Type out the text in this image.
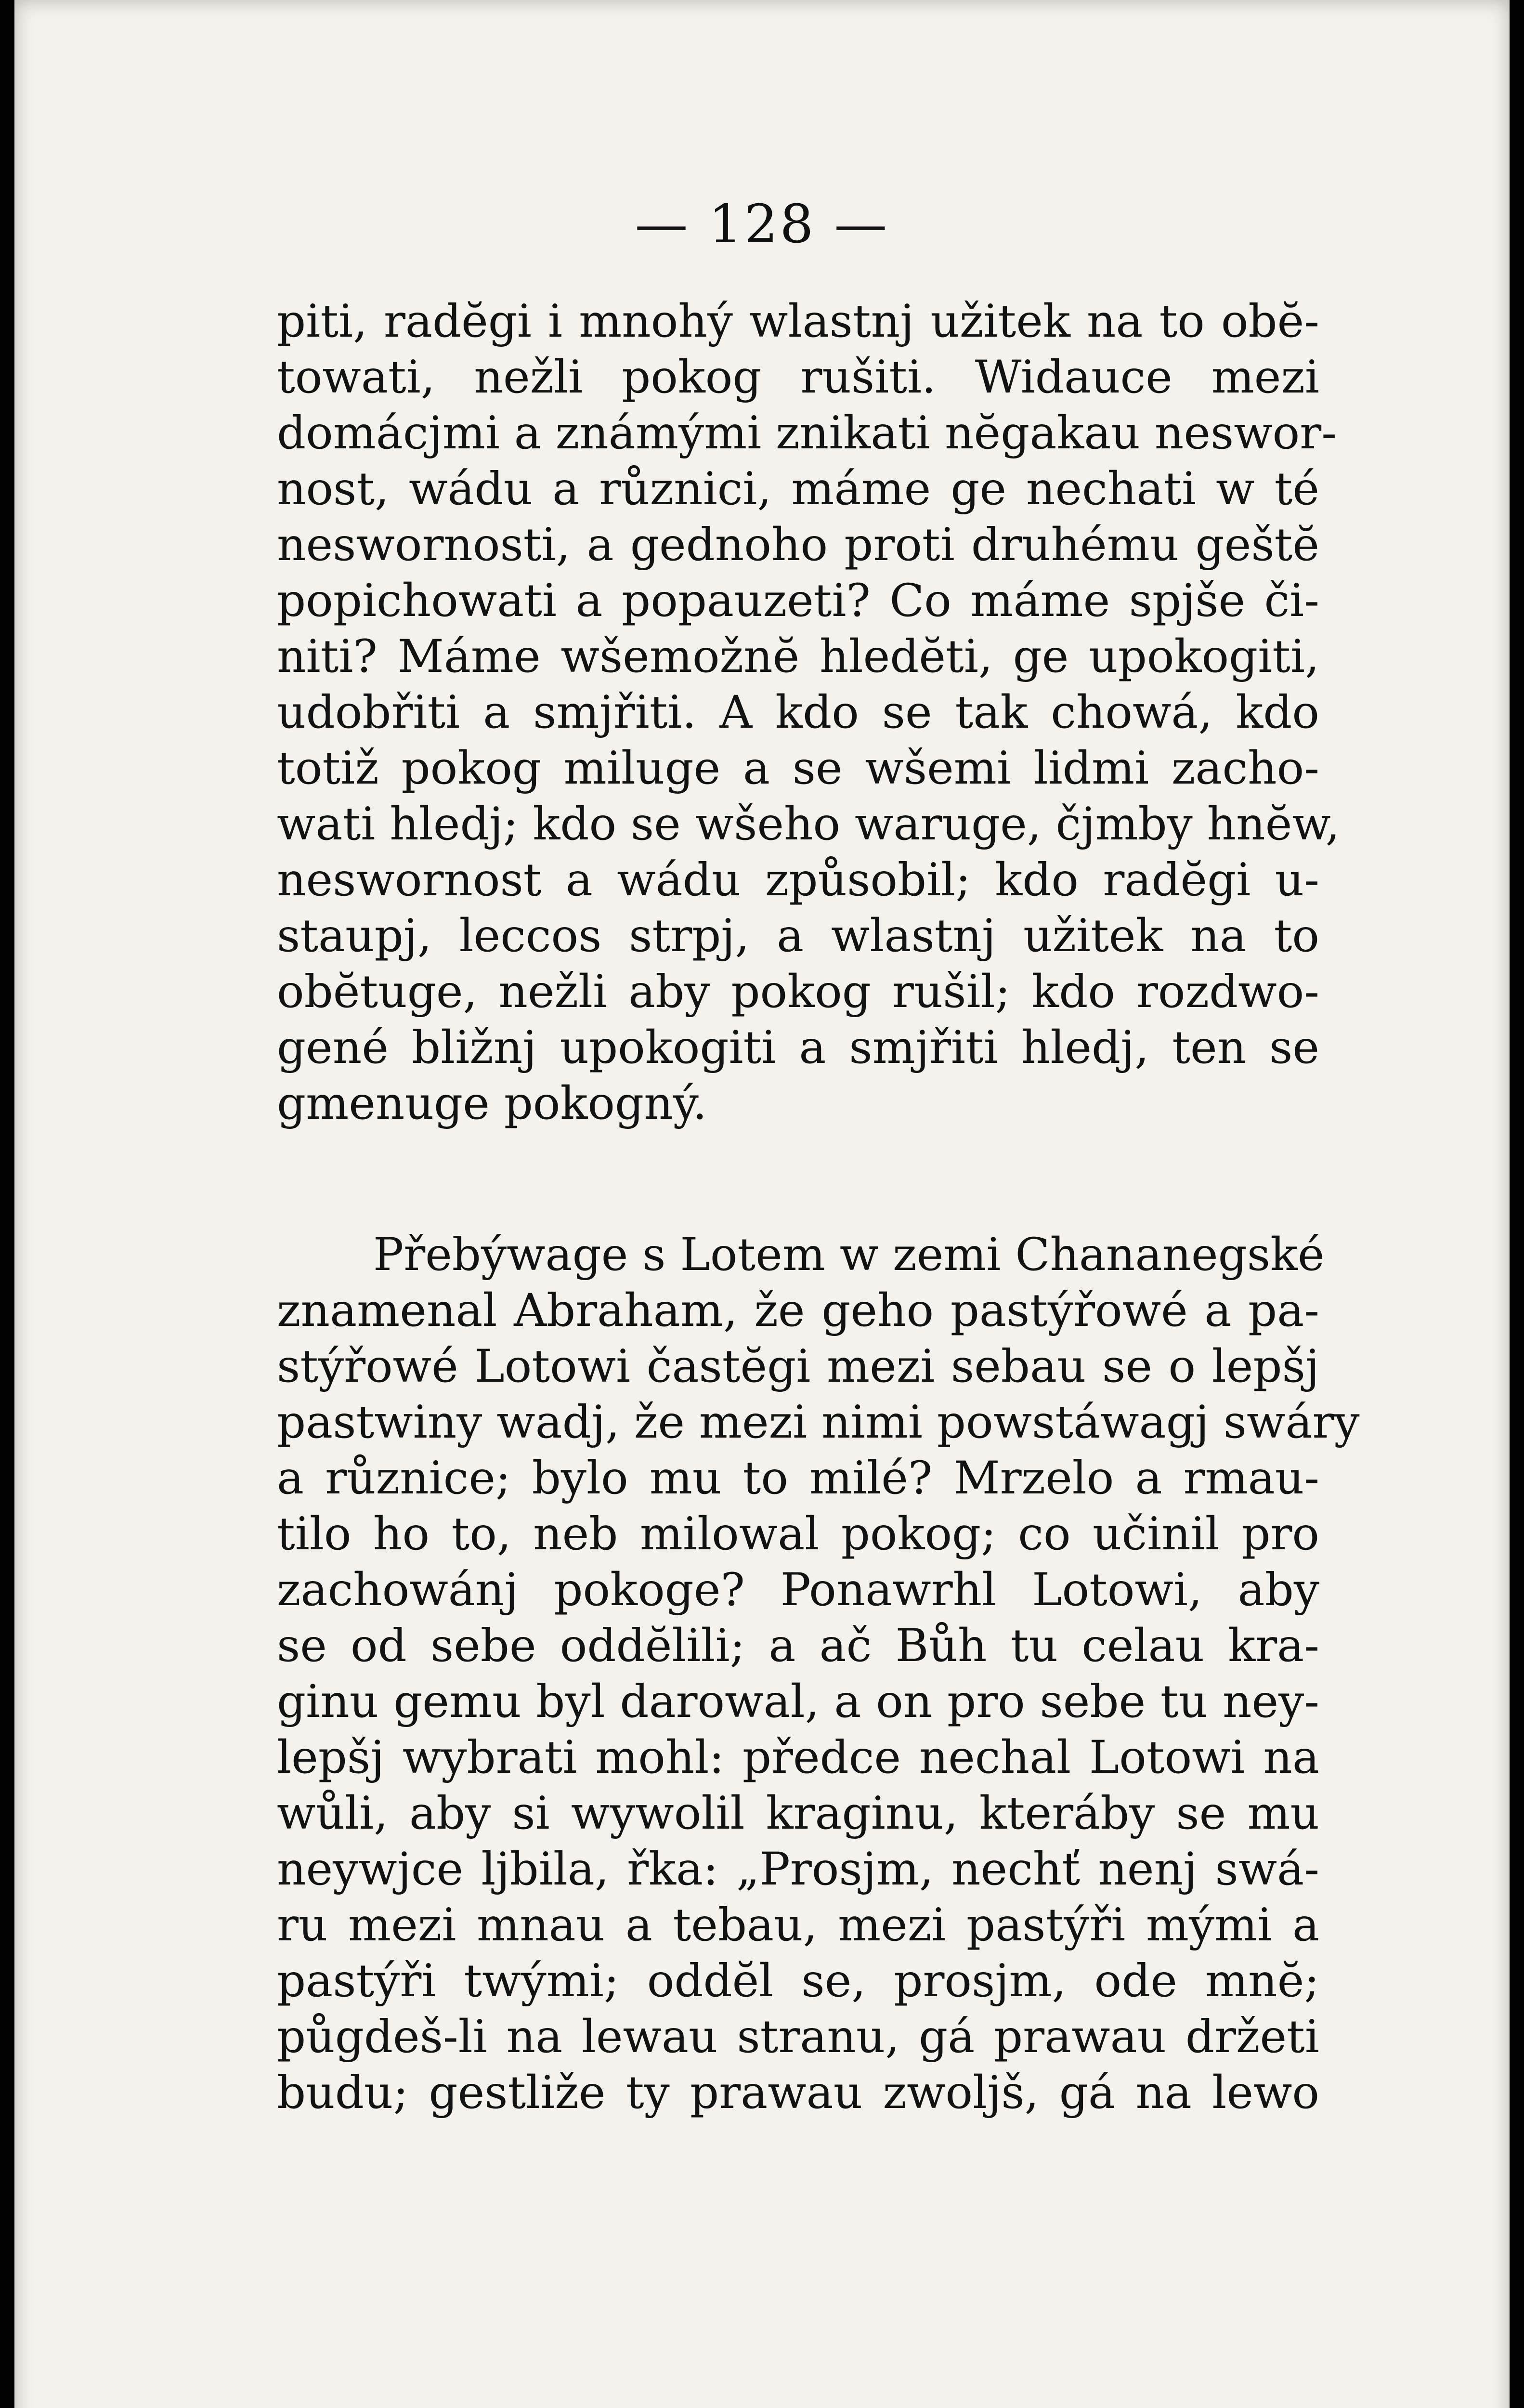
— 128 —
piti, radĕgi i mnohý wlastnj užitek na to obĕ-
towati, nežli pokog rušiti. Widauce mezi
domácjmi a známými znikati nĕgakau neswor-
nost, wádu a různici, máme ge nechati w té
neswornosti, a gednoho proti druhému geštĕ
popichowati a popauzeti? Co máme spjše či-
niti? Máme wšemožnĕ hledĕti, ge upokogiti,
udobřiti a smjřiti. A kdo se tak chowá, kdo
totiž pokog miluge a se wšemi lidmi zacho-
wati hledj; kdo se wšeho waruge, čjmby hnĕw,
neswornost a wádu způsobil; kdo radĕgi u-
staupj, leccos strpj, a wlastnj užitek na to
obĕtuge, nežli aby pokog rušil; kdo rozdwo-
gené bližnj upokogiti a smjřiti hledj, ten se
gmenuge pokogný.
Přebýwage s Lotem w zemi Chananegské
znamenal Abraham, že geho pastýřowé a pa-
stýřowé Lotowi častĕgi mezi sebau se o lepšj
pastwiny wadj, že mezi nimi powstáwagj swáry
a různice; bylo mu to milé? Mrzelo a rmau-
tilo ho to, neb milowal pokog; co učinil pro
zachowánj pokoge? Ponawrhl Lotowi, aby
se od sebe oddĕlili; a ač Bůh tu celau kra-
ginu gemu byl darowal, a on pro sebe tu ney-
lepšj wybrati mohl: předce nechal Lotowi na
wůli, aby si wywolil kraginu, kteráby se mu
neywjce ljbila, řka: „Prosjm, nechť nenj swá-
ru mezi mnau a tebau, mezi pastýři mými a
pastýři twými; oddĕl se, prosjm, ode mnĕ;
půgdeš-li na lewau stranu, gá prawau držeti
budu; gestliže ty prawau zwoljš, gá na lewo
